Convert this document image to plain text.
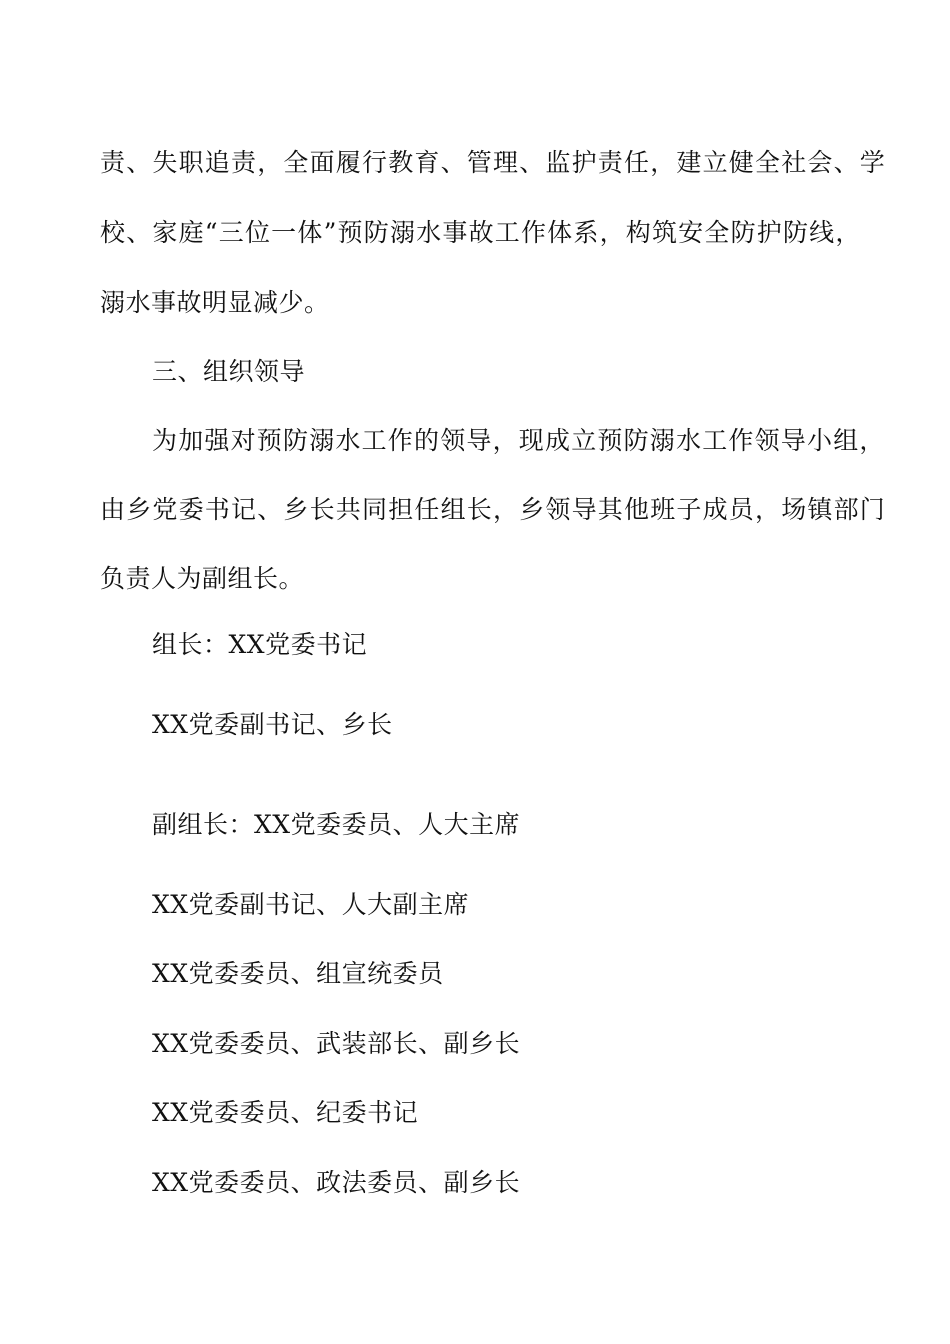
责、失职追责，全面履行教育、管理、监护责任，建立健全社会、学
校、家庭“三位一体”预防溺水事故工作体系，构筑安全防护防线，
溺水事故明显减少。
三、组织领导
为加强对预防溺水工作的领导，现成立预防溺水工作领导小组，
由乡党委书记、乡长共同担任组长，乡领导其他班子成员，场镇部门
负责人为副组长。
组长：XX党委书记
XX党委副书记、乡长
副组长：XX党委委员、人大主席
XX党委副书记、人大副主席
XX党委委员、组宣统委员
XX党委委员、武装部长、副乡长
XX党委委员、纪委书记
XX党委委员、政法委员、副乡长
